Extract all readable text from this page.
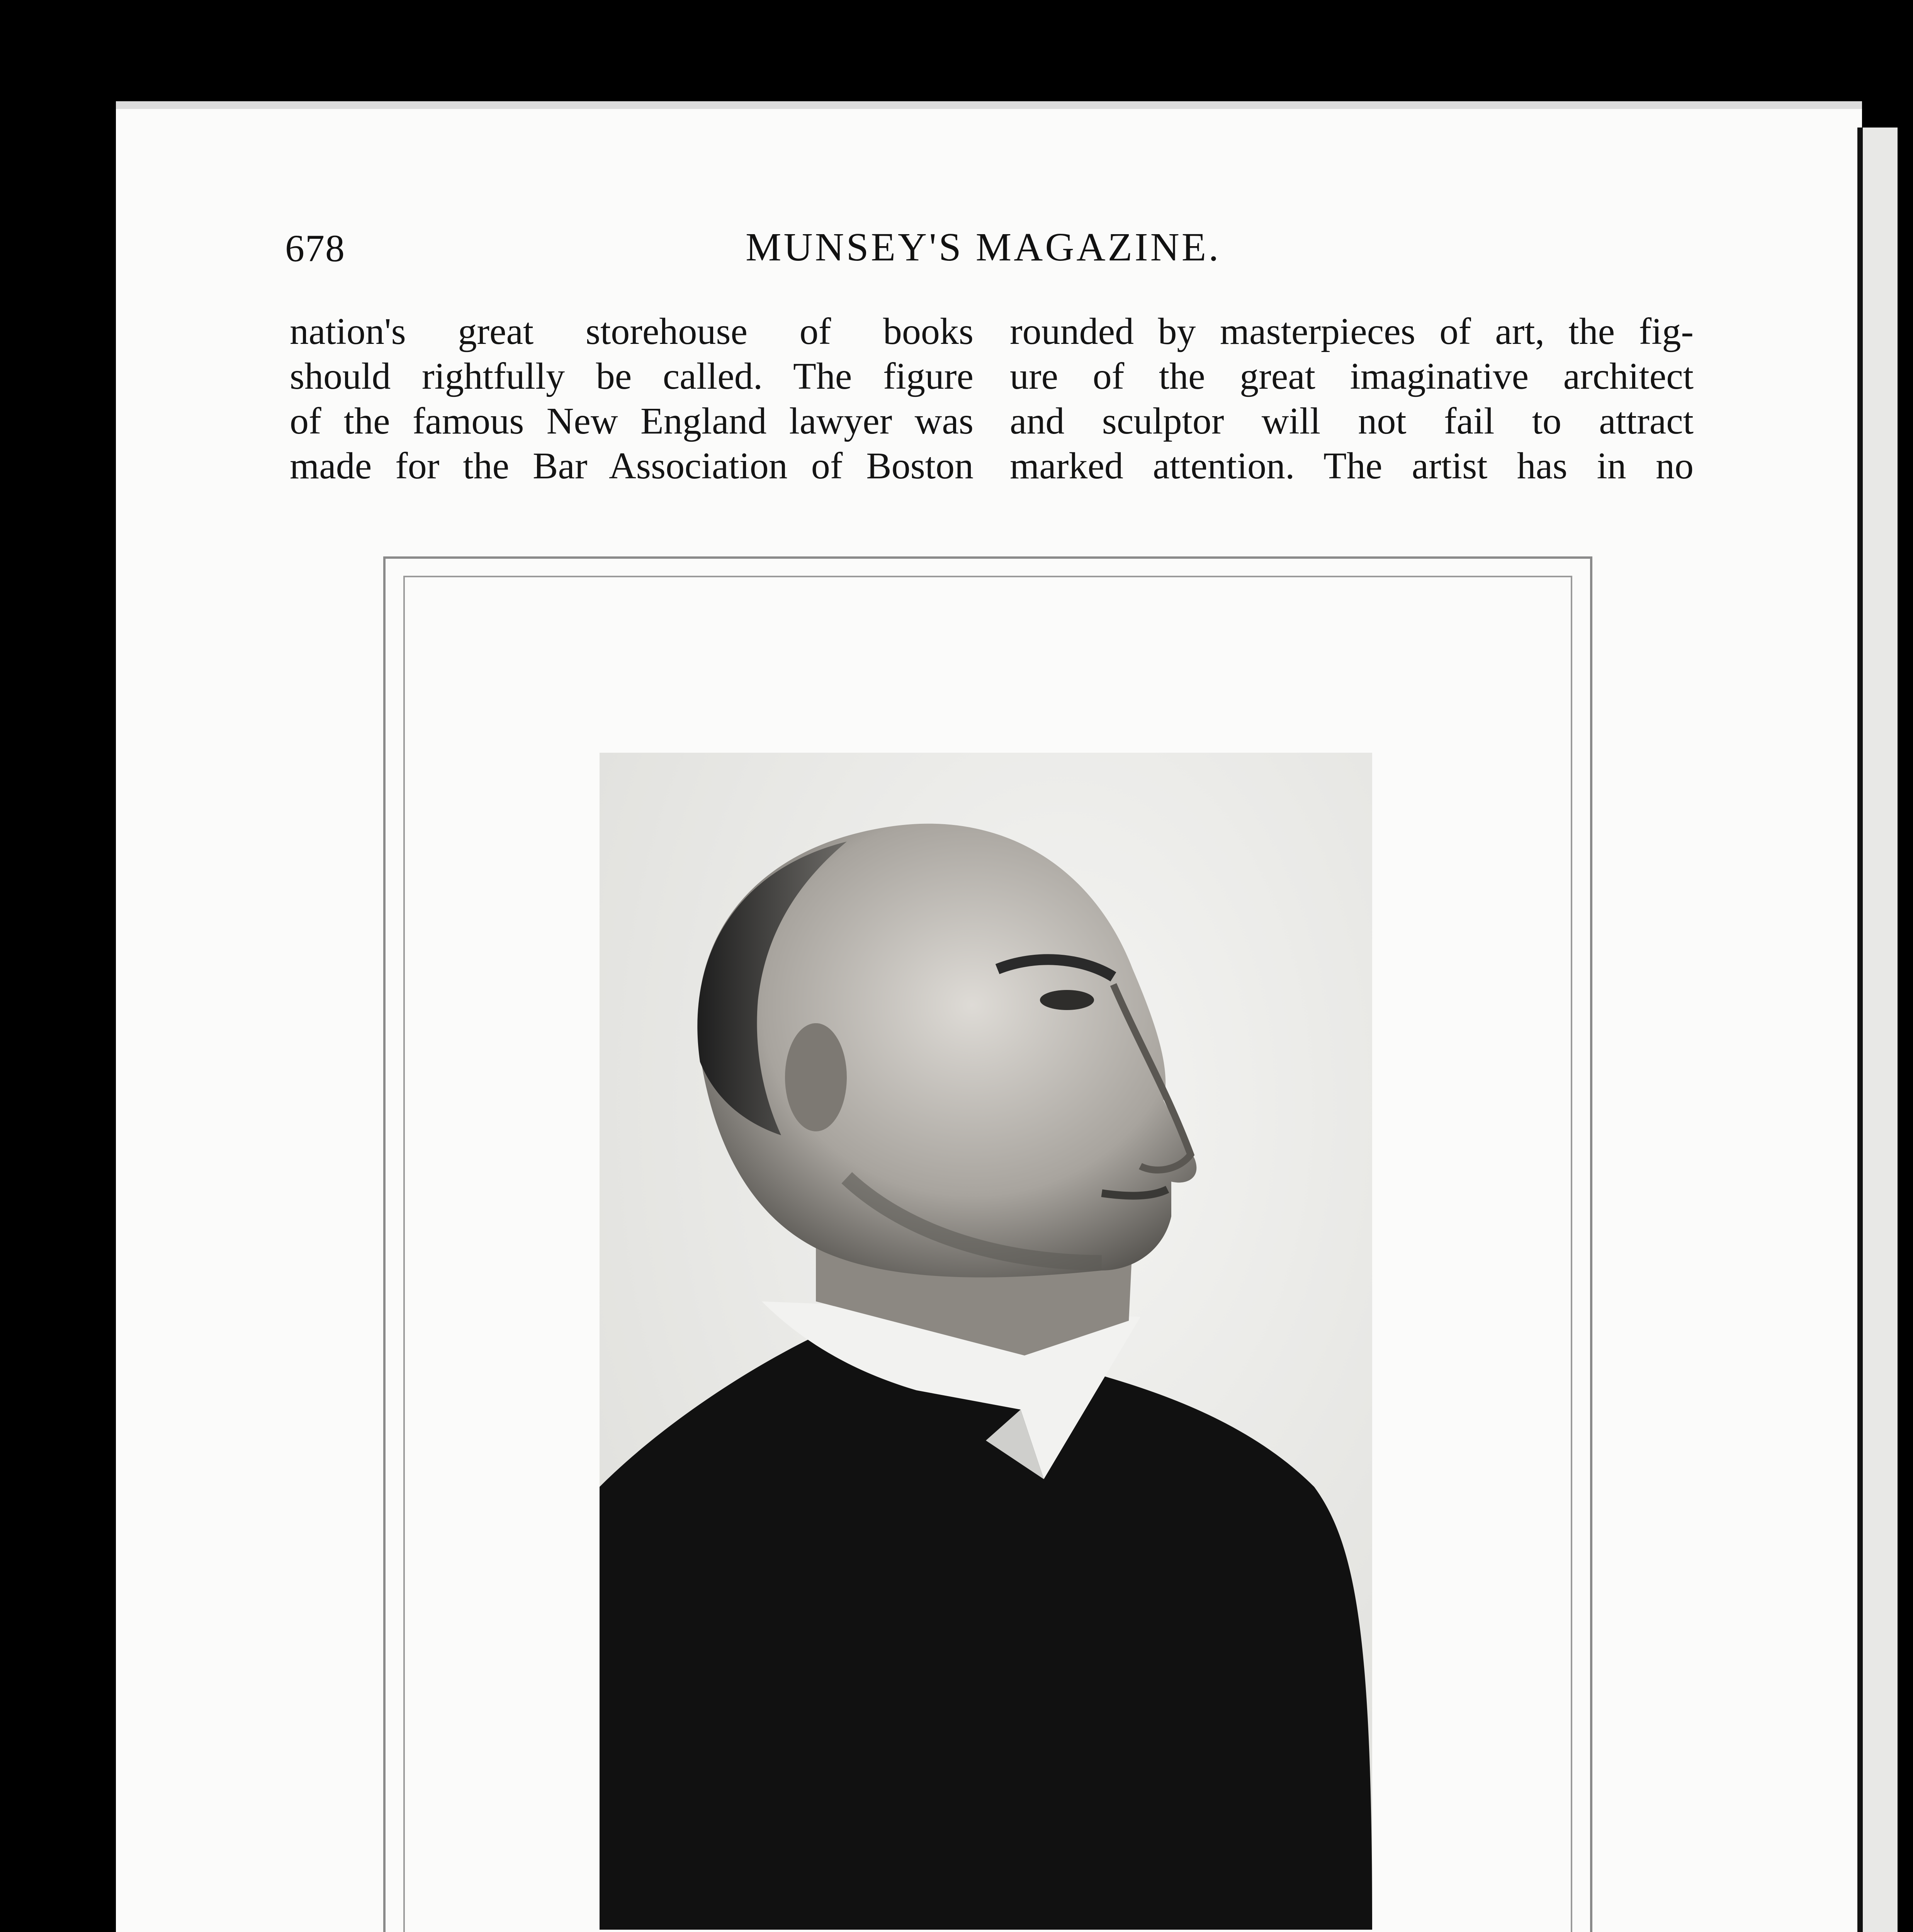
678	MUNSEY'S MAGAZINE.
nation's great storehouse of books
should rightfully be called. The figure
of the famous New England lawyer was
made for the Bar Association of Boston
rounded by masterpieces of art, the fig-
ure of the great imaginative architect
and sculptor will not fail to attract
marked attention. The artist has in no
